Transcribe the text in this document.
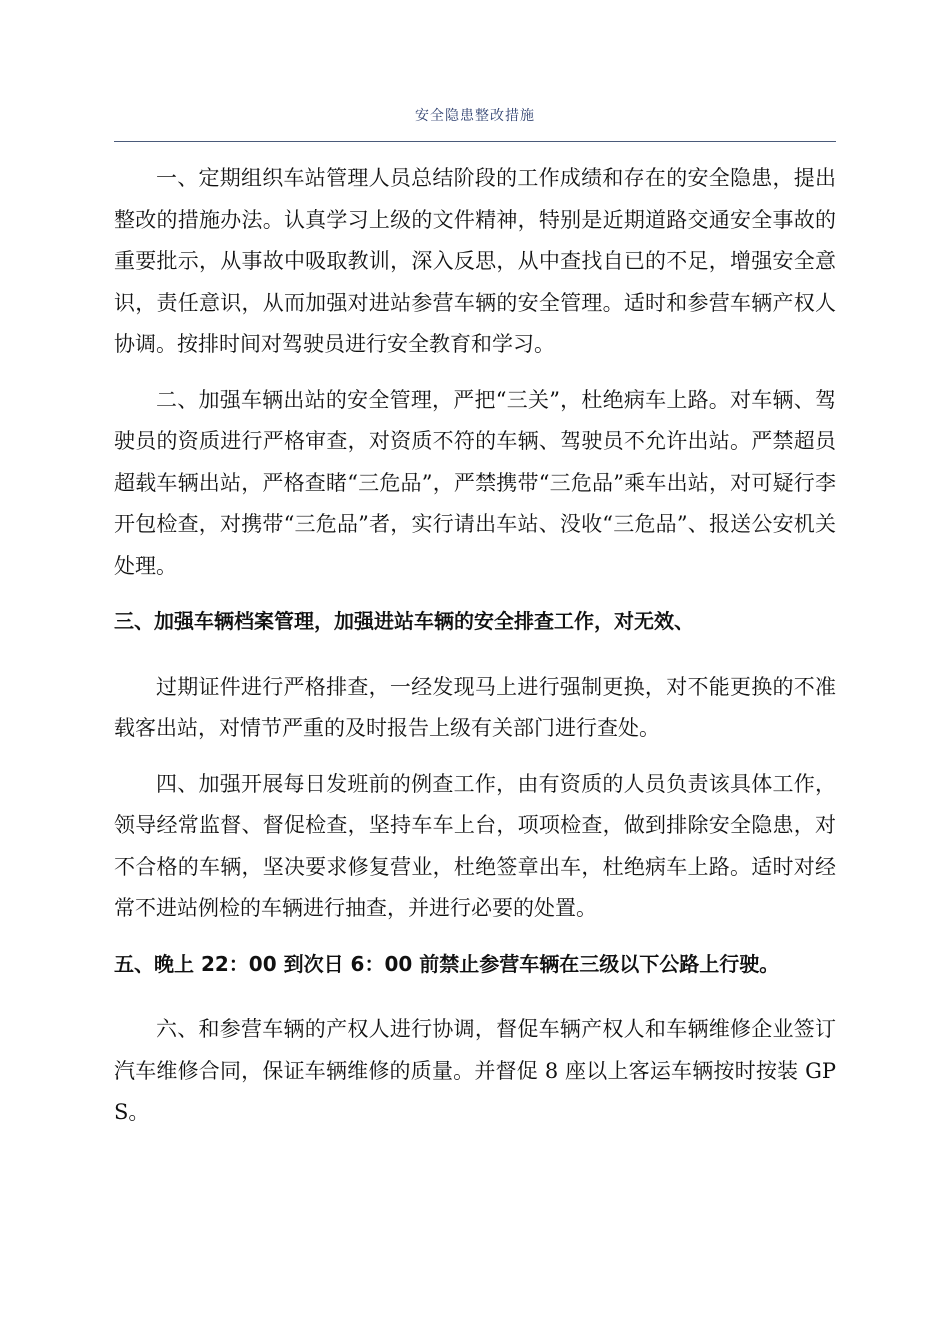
安全隐患整改措施

一、定期组织车站管理人员总结阶段的工作成绩和存在的安全隐患，提出整改的措施办法。认真学习上级的文件精神，特别是近期道路交通安全事故的重要批示，从事故中吸取教训，深入反思，从中查找自已的不足，增强安全意识，责任意识，从而加强对进站参营车辆的安全管理。适时和参营车辆产权人协调。按排时间对驾驶员进行安全教育和学习。

二、加强车辆出站的安全管理，严把“三关”，杜绝病车上路。对车辆、驾驶员的资质进行严格审查，对资质不符的车辆、驾驶员不允许出站。严禁超员超载车辆出站，严格查睹“三危品”，严禁携带“三危品”乘车出站，对可疑行李开包检查，对携带“三危品”者，实行请出车站、没收“三危品”、报送公安机关处理。

三、加强车辆档案管理，加强进站车辆的安全排查工作，对无效、

过期证件进行严格排查，一经发现马上进行强制更换，对不能更换的不准载客出站，对情节严重的及时报告上级有关部门进行查处。

四、加强开展每日发班前的例查工作，由有资质的人员负责该具体工作，领导经常监督、督促检查，坚持车车上台，项项检查，做到排除安全隐患，对不合格的车辆，坚决要求修复营业，杜绝签章出车，杜绝病车上路。适时对经常不进站例检的车辆进行抽查，并进行必要的处置。

五、晚上 22：00 到次日 6：00 前禁止参营车辆在三级以下公路上行驶。

六、和参营车辆的产权人进行协调，督促车辆产权人和车辆维修企业签订汽车维修合同，保证车辆维修的质量。并督促 8 座以上客运车辆按时按装 GPS。
